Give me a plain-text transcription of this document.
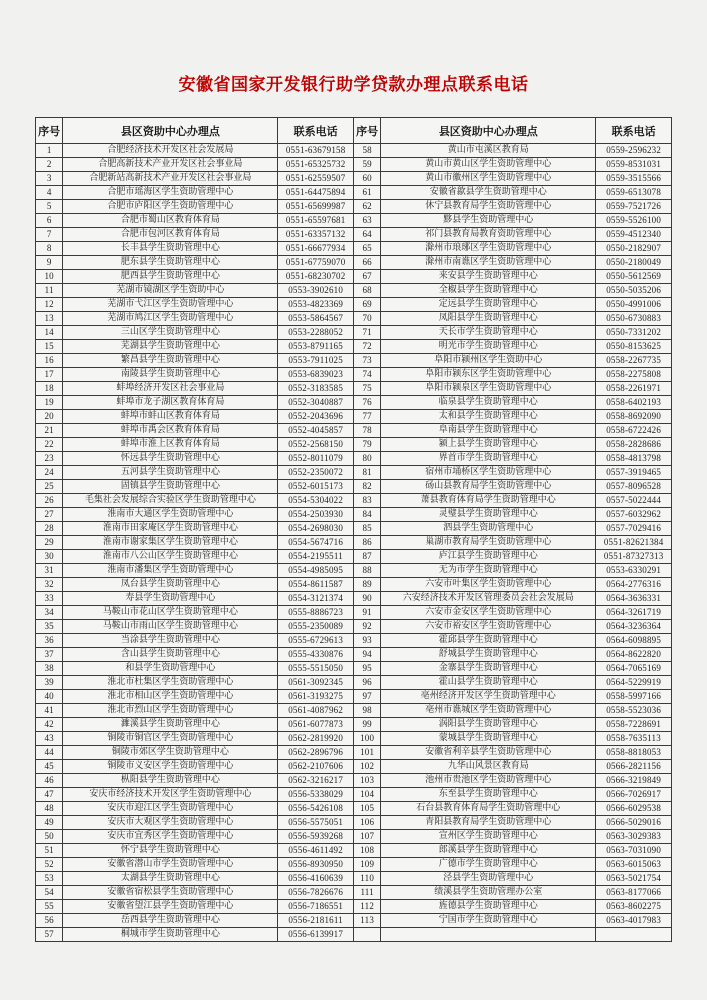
安徽省国家开发银行助学贷款办理点联系电话
序号	县区资助中心办理点	联系电话	序号	县区资助中心办理点	联系电话
1	合肥经济技术开发区社会发展局	0551-63679158	58	黄山市屯溪区教育局	0559-2596232
2	合肥高新技术产业开发区社会事业局	0551-65325732	59	黄山市黄山区学生资助管理中心	0559-8531031
3	合肥新站高新技术产业开发区社会事业局	0551-62559507	60	黄山市徽州区学生资助管理中心	0559-3515566
4	合肥市瑶海区学生资助管理中心	0551-64475894	61	安徽省歙县学生资助管理中心	0559-6513078
5	合肥市庐阳区学生资助管理中心	0551-65699987	62	休宁县教育局学生资助管理中心	0559-7521726
6	合肥市蜀山区教育体育局	0551-65597681	63	黟县学生资助管理中心	0559-5526100
7	合肥市包河区教育体育局	0551-63357132	64	祁门县教育局教育资助管理中心	0559-4512340
8	长丰县学生资助管理中心	0551-66677934	65	滁州市琅琊区学生资助管理中心	0550-2182907
9	肥东县学生资助管理中心	0551-67759070	66	滁州市南谯区学生资助管理中心	0550-2180049
10	肥西县学生资助管理中心	0551-68230702	67	来安县学生资助管理中心	0550-5612569
11	芜湖市镜湖区学生资助中心	0553-3902610	68	全椒县学生资助管理中心	0550-5035206
12	芜湖市弋江区学生资助管理中心	0553-4823369	69	定远县学生资助管理中心	0550-4991006
13	芜湖市鸠江区学生资助管理中心	0553-5864567	70	凤阳县学生资助管理中心	0550-6730883
14	三山区学生资助管理中心	0553-2288052	71	天长市学生资助管理中心	0550-7331202
15	芜湖县学生资助管理中心	0553-8791165	72	明光市学生资助管理中心	0550-8153625
16	繁昌县学生资助管理中心	0553-7911025	73	阜阳市颍州区学生资助中心	0558-2267735
17	南陵县学生资助管理中心	0553-6839023	74	阜阳市颍东区学生资助管理中心	0558-2275808
18	蚌埠经济开发区社会事业局	0552-3183585	75	阜阳市颍泉区学生资助管理中心	0558-2261971
19	蚌埠市龙子湖区教育体育局	0552-3040887	76	临泉县学生资助管理中心	0558-6402193
20	蚌埠市蚌山区教育体育局	0552-2043696	77	太和县学生资助管理中心	0558-8692090
21	蚌埠市禹会区教育体育局	0552-4045857	78	阜南县学生资助管理中心	0558-6722426
22	蚌埠市淮上区教育体育局	0552-2568150	79	颍上县学生资助管理中心	0558-2828686
23	怀远县学生资助管理中心	0552-8011079	80	界首市学生资助管理中心	0558-4813798
24	五河县学生资助管理中心	0552-2350072	81	宿州市埇桥区学生资助管理中心	0557-3919465
25	固镇县学生资助管理中心	0552-6015173	82	砀山县教育局学生资助管理中心	0557-8096528
26	毛集社会发展综合实验区学生资助管理中心	0554-5304022	83	萧县教育体育局学生资助管理中心	0557-5022444
27	淮南市大通区学生资助管理中心	0554-2503930	84	灵璧县学生资助管理中心	0557-6032962
28	淮南市田家庵区学生资助管理中心	0554-2698030	85	泗县学生资助管理中心	0557-7029416
29	淮南市谢家集区学生资助管理中心	0554-5674716	86	巢湖市教育局学生资助管理中心	0551-82621384
30	淮南市八公山区学生资助管理中心	0554-2195511	87	庐江县学生资助管理中心	0551-87327313
31	淮南市潘集区学生资助管理中心	0554-4985095	88	无为市学生资助管理中心	0553-6330291
32	凤台县学生资助管理中心	0554-8611587	89	六安市叶集区学生资助管理中心	0564-2776316
33	寿县学生资助管理中心	0554-3121374	90	六安经济技术开发区管理委员会社会发展局	0564-3636331
34	马鞍山市花山区学生资助管理中心	0555-8886723	91	六安市金安区学生资助管理中心	0564-3261719
35	马鞍山市雨山区学生资助管理中心	0555-2350089	92	六安市裕安区学生资助管理中心	0564-3236364
36	当涂县学生资助管理中心	0555-6729613	93	霍邱县学生资助管理中心	0564-6098895
37	含山县学生资助管理中心	0555-4330876	94	舒城县学生资助管理中心	0564-8622820
38	和县学生资助管理中心	0555-5515050	95	金寨县学生资助管理中心	0564-7065169
39	淮北市杜集区学生资助管理中心	0561-3092345	96	霍山县学生资助管理中心	0564-5229919
40	淮北市相山区学生资助管理中心	0561-3193275	97	亳州经济开发区学生资助管理中心	0558-5997166
41	淮北市烈山区学生资助管理中心	0561-4087962	98	亳州市谯城区学生资助管理中心	0558-5523036
42	濉溪县学生资助管理中心	0561-6077873	99	涡阳县学生资助管理中心	0558-7228691
43	铜陵市铜官区学生资助管理中心	0562-2819920	100	蒙城县学生资助管理中心	0558-7635113
44	铜陵市郊区学生资助管理中心	0562-2896796	101	安徽省利辛县学生资助管理中心	0558-8818053
45	铜陵市义安区学生资助管理中心	0562-2107606	102	九华山风景区教育局	0566-2821156
46	枞阳县学生资助管理中心	0562-3216217	103	池州市贵池区学生资助管理中心	0566-3219849
47	安庆市经济技术开发区学生资助管理中心	0556-5338029	104	东至县学生资助管理中心	0566-7026917
48	安庆市迎江区学生资助管理中心	0556-5426108	105	石台县教育体育局学生资助管理中心	0566-6029538
49	安庆市大观区学生资助管理中心	0556-5575051	106	青阳县教育局学生资助管理中心	0566-5029016
50	安庆市宜秀区学生资助管理中心	0556-5939268	107	宣州区学生资助管理中心	0563-3029383
51	怀宁县学生资助管理中心	0556-4611492	108	郎溪县学生资助管理中心	0563-7031090
52	安徽省潜山市学生资助管理中心	0556-8930950	109	广德市学生资助管理中心	0563-6015063
53	太湖县学生资助管理中心	0556-4160639	110	泾县学生资助管理中心	0563-5021754
54	安徽省宿松县学生资助管理中心	0556-7826676	111	绩溪县学生资助管理办公室	0563-8177066
55	安徽省望江县学生资助管理中心	0556-7186551	112	旌德县学生资助管理中心	0563-8602275
56	岳西县学生资助管理中心	0556-2181611	113	宁国市学生资助管理中心	0563-4017983
57	桐城市学生资助管理中心	0556-6139917			
